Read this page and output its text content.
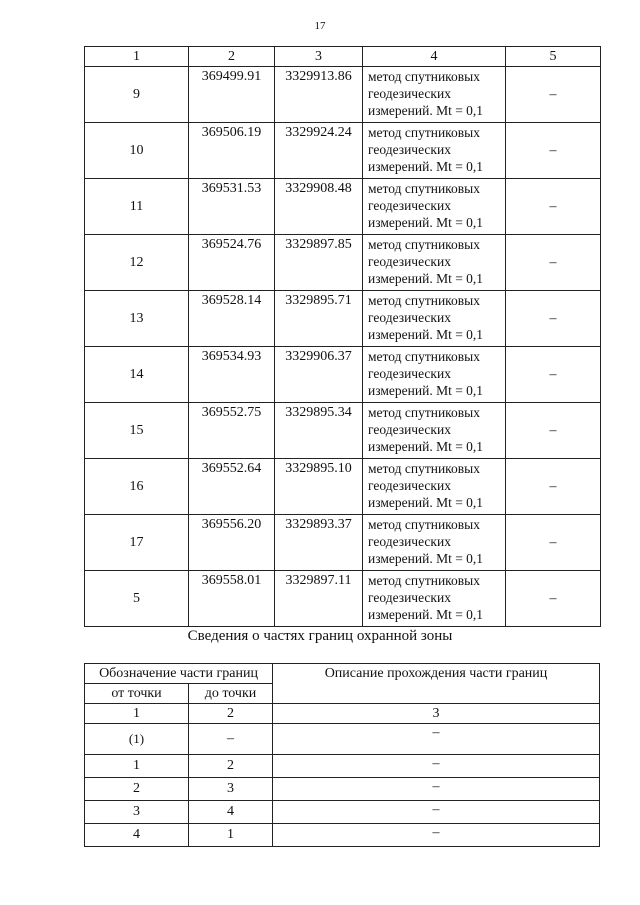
17
1	2	3	4	5
9	369499.91	3329913.86	метод спутниковых
геодезических
измерений. Mt = 0,1	–
10	369506.19	3329924.24	метод спутниковых
геодезических
измерений. Mt = 0,1	–
11	369531.53	3329908.48	метод спутниковых
геодезических
измерений. Mt = 0,1	–
12	369524.76	3329897.85	метод спутниковых
геодезических
измерений. Mt = 0,1	–
13	369528.14	3329895.71	метод спутниковых
геодезических
измерений. Mt = 0,1	–
14	369534.93	3329906.37	метод спутниковых
геодезических
измерений. Mt = 0,1	–
15	369552.75	3329895.34	метод спутниковых
геодезических
измерений. Mt = 0,1	–
16	369552.64	3329895.10	метод спутниковых
геодезических
измерений. Mt = 0,1	–
17	369556.20	3329893.37	метод спутниковых
геодезических
измерений. Mt = 0,1	–
5	369558.01	3329897.11	метод спутниковых
геодезических
измерений. Mt = 0,1	–
Сведения о частях границ охранной зоны
Обозначение части границ		Описание прохождения части границ
от точки	до точки	
1	2	3
(1)	–	–
1	2	–
2	3	–
3	4	–
4	1	–
